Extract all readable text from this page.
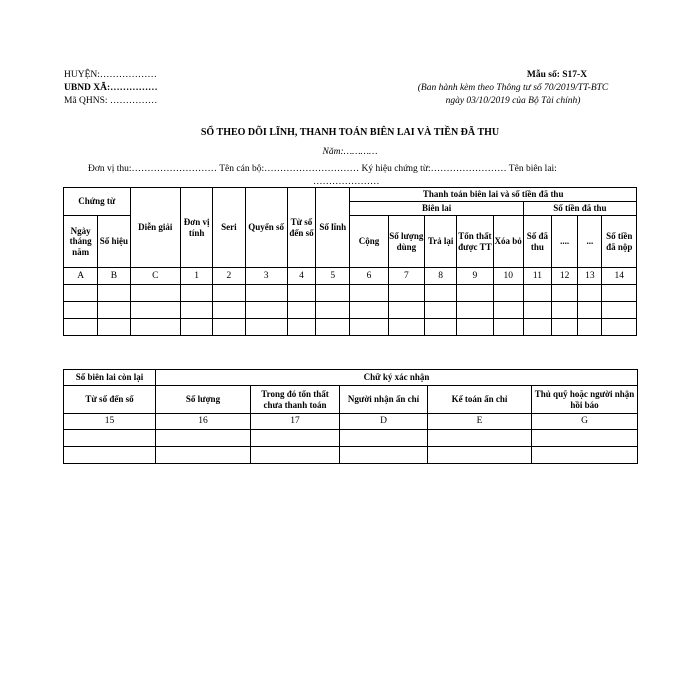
HUYỆN:………………
UBND XÃ:……………
Mã QHNS: ……………
Mẫu số: S17-X
(Ban hành kèm theo Thông tư số 70/2019/TT-BTC
ngày 03/10/2019 của Bộ Tài chính)
SỔ THEO DÕI LĨNH, THANH TOÁN BIÊN LAI VÀ TIỀN ĐÃ THU
Năm:…………
Đơn vị thu:……………………… Tên cán bộ:………………………… Ký hiệu chứng từ:…………………… Tên biên lai:
…………………
Chứng từ		Diễn giải	Đơn vị tính	Seri	Quyển số	Từ số đến số	Số lĩnh	Thanh toán biên lai và số tiền đã thu								
								Biên lai					Số tiền đã thu			
Ngày tháng năm	Số hiệu							Cộng	Số lượng dùng	Trả lại	Tổn thất được TT	Xóa bỏ	Số đã thu	....	...	Số tiền đã nộp
A	B	C	1	2	3	4	5	6	7	8	9	10	11	12	13	14

Số biên lai còn lại	Chữ ký xác nhận				
Từ số đến số	Số lượng	Trong đó tổn thất chưa thanh toán	Người nhận ấn chỉ	Kế toán ấn chỉ	Thủ quỹ hoặc người nhận hồi báo
15	16	17	D	E	G
